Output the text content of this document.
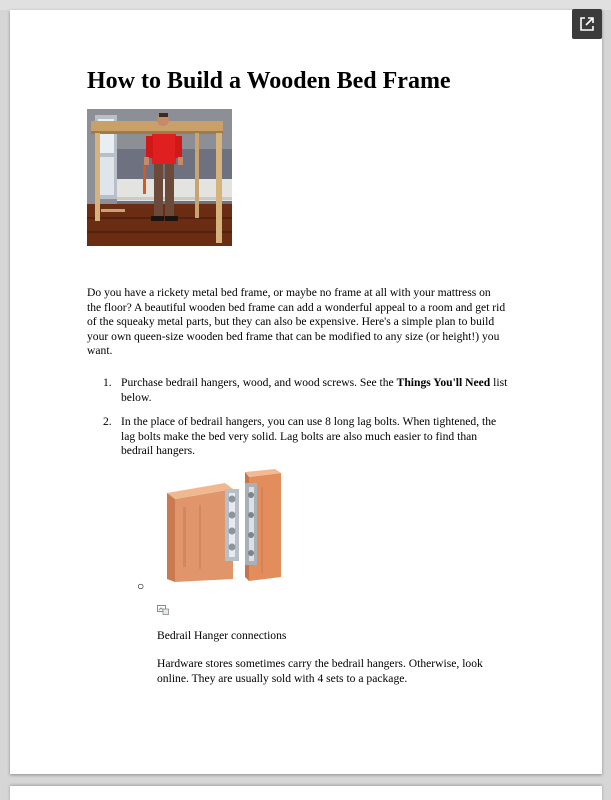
How to Build a Wooden Bed Frame

Do you have a rickety metal bed frame, or maybe no frame at all with your mattress on the floor? A beautiful wooden bed frame can add a wonderful appeal to a room and get rid of the squeaky metal parts, but they can also be expensive. Here's a simple plan to build your own queen-size wooden bed frame that can be modified to any size (or height!) you want.

1. Purchase bedrail hangers, wood, and wood screws. See the Things You'll Need list below.
2. In the place of bedrail hangers, you can use 8 long lag bolts. When tightened, the lag bolts make the bed very solid. Lag bolts are also much easier to find than bedrail hangers.
○

Bedrail Hanger connections

Hardware stores sometimes carry the bedrail hangers. Otherwise, look online. They are usually sold with 4 sets to a package.
